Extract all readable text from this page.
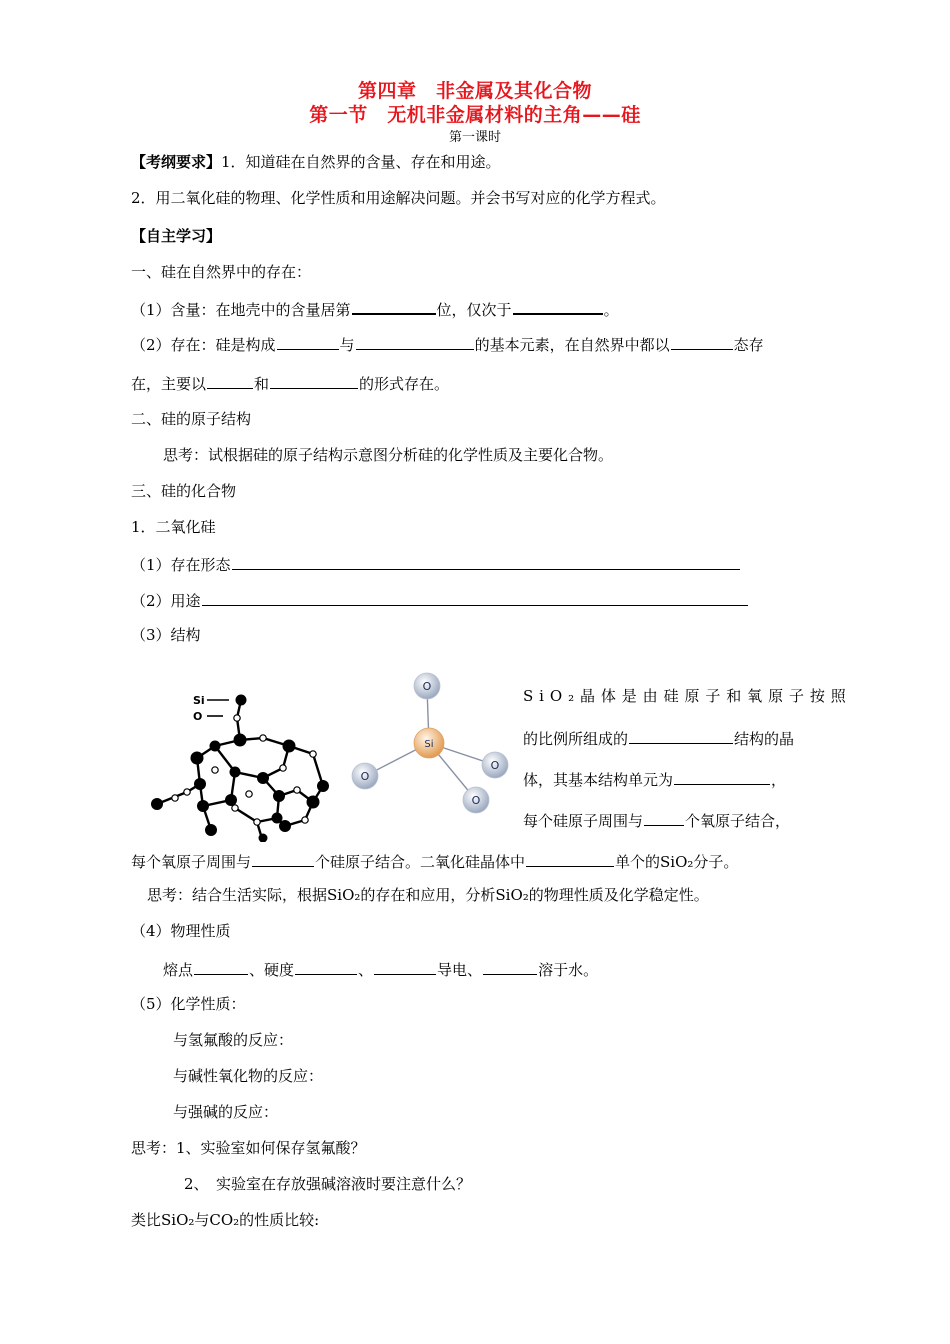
第四章　非金属及其化合物
第一节　无机非金属材料的主角——硅
第一课时
【考纲要求】1．知道硅在自然界的含量、存在和用途。
2．用二氧化硅的物理、化学性质和用途解决问题。并会书写对应的化学方程式。
【自主学习】
一、硅在自然界中的存在：
（1）含量：在地壳中的含量居第	位，仅次于	。
（2）存在：硅是构成	与	的基本元素，在自然界中都以	态存
在，主要以	和	的形式存在。
二、硅的原子结构
思考：试根据硅的原子结构示意图分析硅的化学性质及主要化合物。
三、硅的化合物
1．二氧化硅
（1）存在形态
（2）用途
（3）结构
Si
O
O
O
O
O
Si
SiO₂晶体是由硅原子和氧原子按照
的比例所组成的	结构的晶
体，其基本结构单元为	，
每个硅原子周围与	个氧原子结合，
每个氧原子周围与	个硅原子结合。二氧化硅晶体中	单个的SiO₂分子。
思考：结合生活实际，根据SiO₂的存在和应用，分析SiO₂的物理性质及化学稳定性。
（4）物理性质
熔点	、硬度	、	导电、	溶于水。
（5）化学性质：
与氢氟酸的反应：
与碱性氧化物的反应：
与强碱的反应：
思考：1、实验室如何保存氢氟酸？
2、　实验室在存放强碱溶液时要注意什么？
类比SiO₂与CO₂的性质比较:
